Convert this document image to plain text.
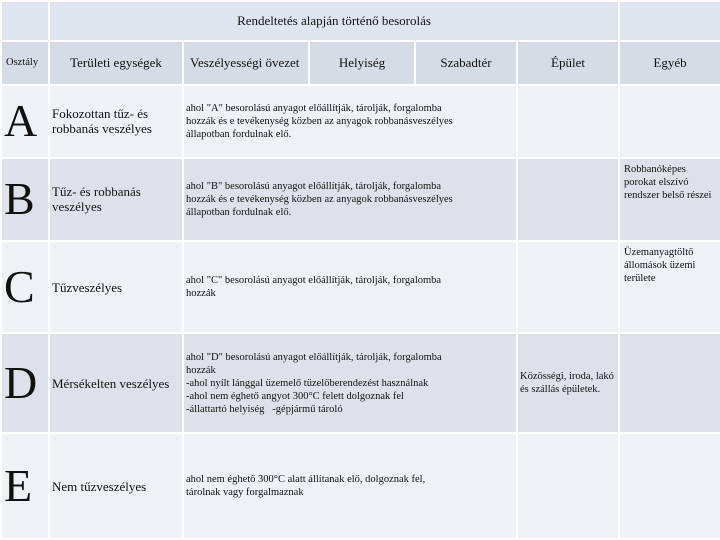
	Rendeltetés alapján történő besorolás					
Osztály	Területi egységek	Veszélyességi övezet	Helyiség	Szabadtér	Épület	Egyéb
A	Fokozottan tűz- és robbanás veszélyes	ahol "A" besorolású anyagot előállítják, tárolják, forgalomba
hozzák és e tevékenység közben az anyagok robbanásveszélyes
állapotban fordulnak elő.				

B	Tűz- és robbanás veszélyes	ahol "B" besorolású anyagot előállítják, tárolják, forgalomba
hozzák és e tevékenység közben az anyagok robbanásveszélyes
állapotban fordulnak elő.				Robbanóképes porokat elszívó rendszer belső részei
C	Tűzveszélyes	ahol "C" besorolású anyagot előállítják, tárolják, forgalomba
hozzák				Üzemanyagtöltő állomások üzemi területe
D	Mérsékelten veszélyes	ahol "D" besorolású anyagot előállítják, tárolják, forgalomba
hozzák
-ahol nyílt lánggal üzemelő tüzelőberendezést használnak
-ahol nem éghető angyot 300°C felett dolgoznak fel
-állattartó helyiség   -gépjármű tároló			Közösségi, iroda, lakó és szállás épületek.	
E	Nem tűzveszélyes	ahol nem éghető 300°C alatt állítanak elő, dolgoznak fel,
tárolnak vagy forgalmaznak				
